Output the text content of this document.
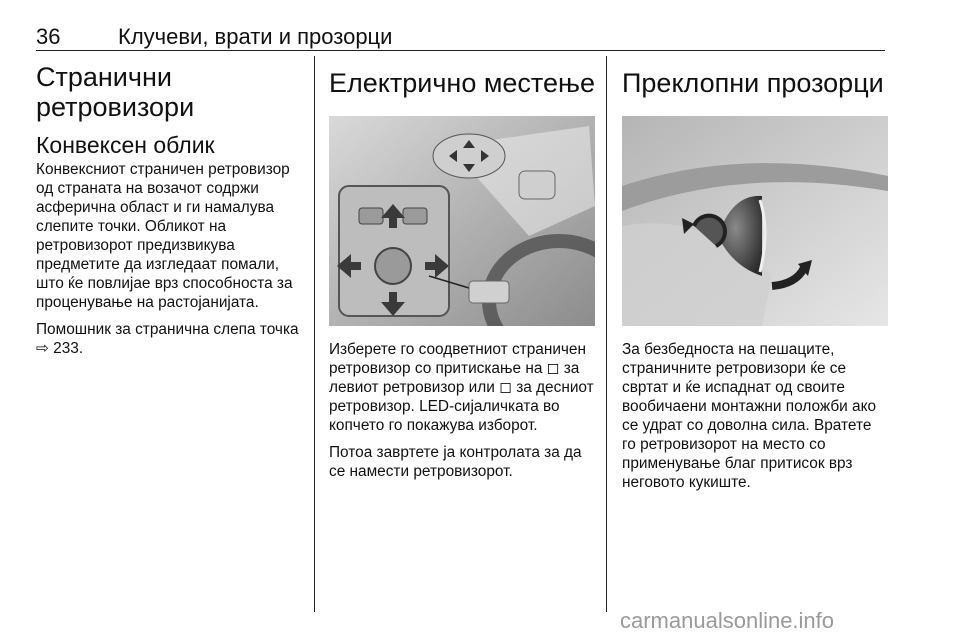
36	Клучеви, врати и прозорци
Странични ретровизори
Конвексен облик

Конвексниот страничен ретровизор од страната на возачот содржи асферична област и ги намалува слепите точки. Обликот на ретровизорот предизвикува предметите да изгледаат помали, што ќе повлијае врз способноста за проценување на растојанијата.

Помошник за странична слепа точка ⇨ 233.

Електрично местење

Изберете го соодветниот страничен ретровизор со притискање на ◻ за левиот ретровизор или ◻ за десниот ретровизор. LED-сијаличката во копчето го покажува изборот.

Потоа завртете ја контролата за да се намести ретровизорот.

Преклопни прозорци

За безбедноста на пешаците, страничните ретровизори ќе се свртат и ќе испаднат од своите вообичаени монтажни положби ако се удрат со доволна сила. Вратете го ретровизорот на место со применување благ притисок врз неговото кукиште.

carmanualsonline.info
